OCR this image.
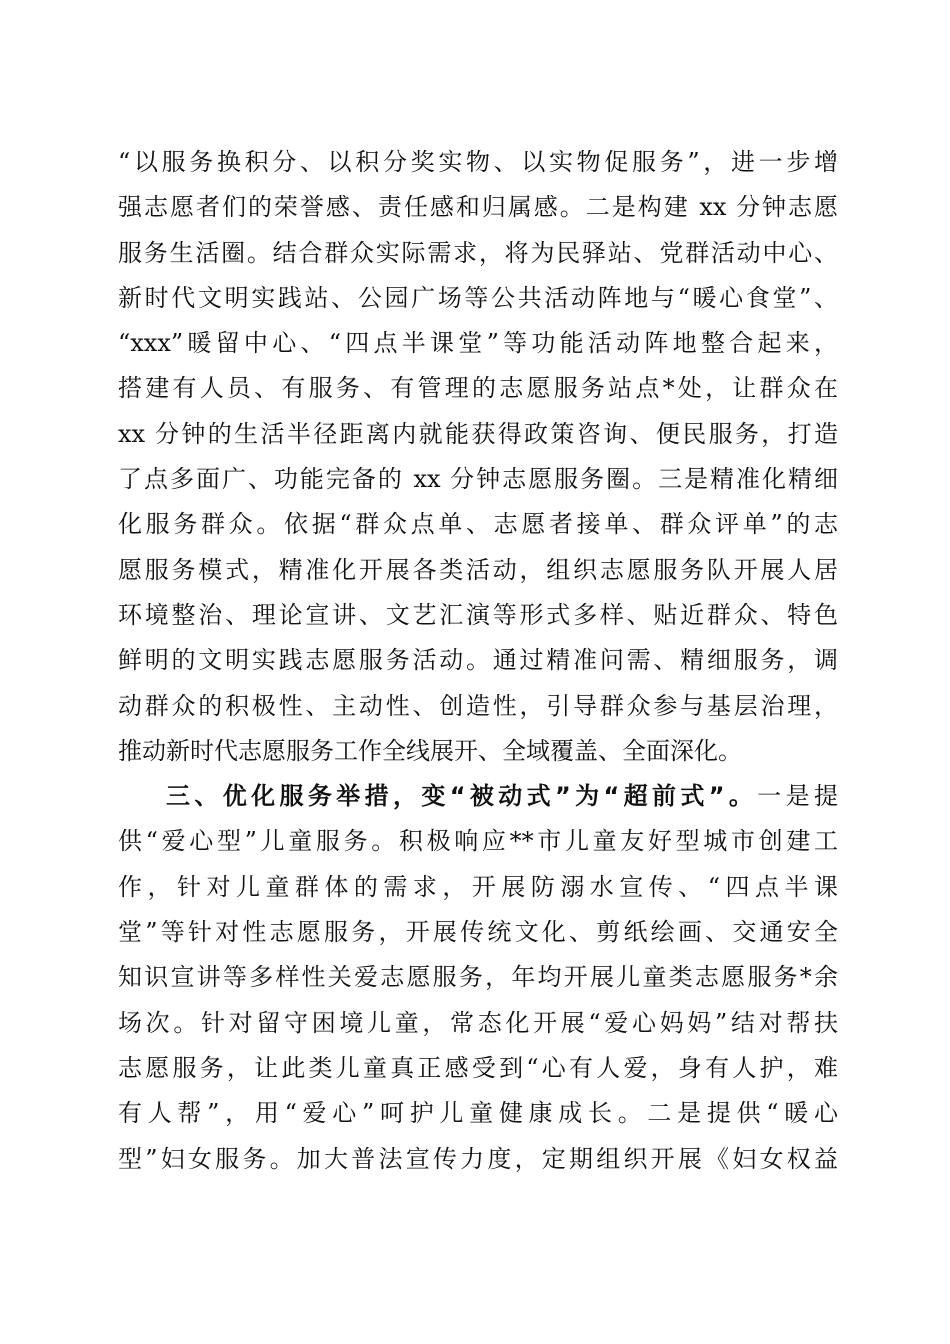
“以服务换积分、以积分奖实物、以实物促服务”，进一步增
强志愿者们的荣誉感、责任感和归属感。二是构建 xx 分钟志愿
服务生活圈。结合群众实际需求，将为民驿站、党群活动中心、
新时代文明实践站、公园广场等公共活动阵地与“暖心食堂”、
“xxx”暖留中心、“四点半课堂”等功能活动阵地整合起来，
搭建有人员、有服务、有管理的志愿服务站点*处，让群众在
xx 分钟的生活半径距离内就能获得政策咨询、便民服务，打造
了点多面广、功能完备的 xx 分钟志愿服务圈。三是精准化精细
化服务群众。依据“群众点单、志愿者接单、群众评单”的志
愿服务模式，精准化开展各类活动，组织志愿服务队开展人居
环境整治、理论宣讲、文艺汇演等形式多样、贴近群众、特色
鲜明的文明实践志愿服务活动。通过精准问需、精细服务，调
动群众的积极性、主动性、创造性，引导群众参与基层治理，
推动新时代志愿服务工作全线展开、全域覆盖、全面深化。
三、优化服务举措，变“被动式”为“超前式”。一是提
供“爱心型”儿童服务。积极响应**市儿童友好型城市创建工
作，针对儿童群体的需求，开展防溺水宣传、“四点半课
堂”等针对性志愿服务，开展传统文化、剪纸绘画、交通安全
知识宣讲等多样性关爱志愿服务，年均开展儿童类志愿服务*余
场次。针对留守困境儿童，常态化开展“爱心妈妈”结对帮扶
志愿服务，让此类儿童真正感受到“心有人爱，身有人护，难
有人帮”，用“爱心”呵护儿童健康成长。二是提供“暖心
型”妇女服务。加大普法宣传力度，定期组织开展《妇女权益
